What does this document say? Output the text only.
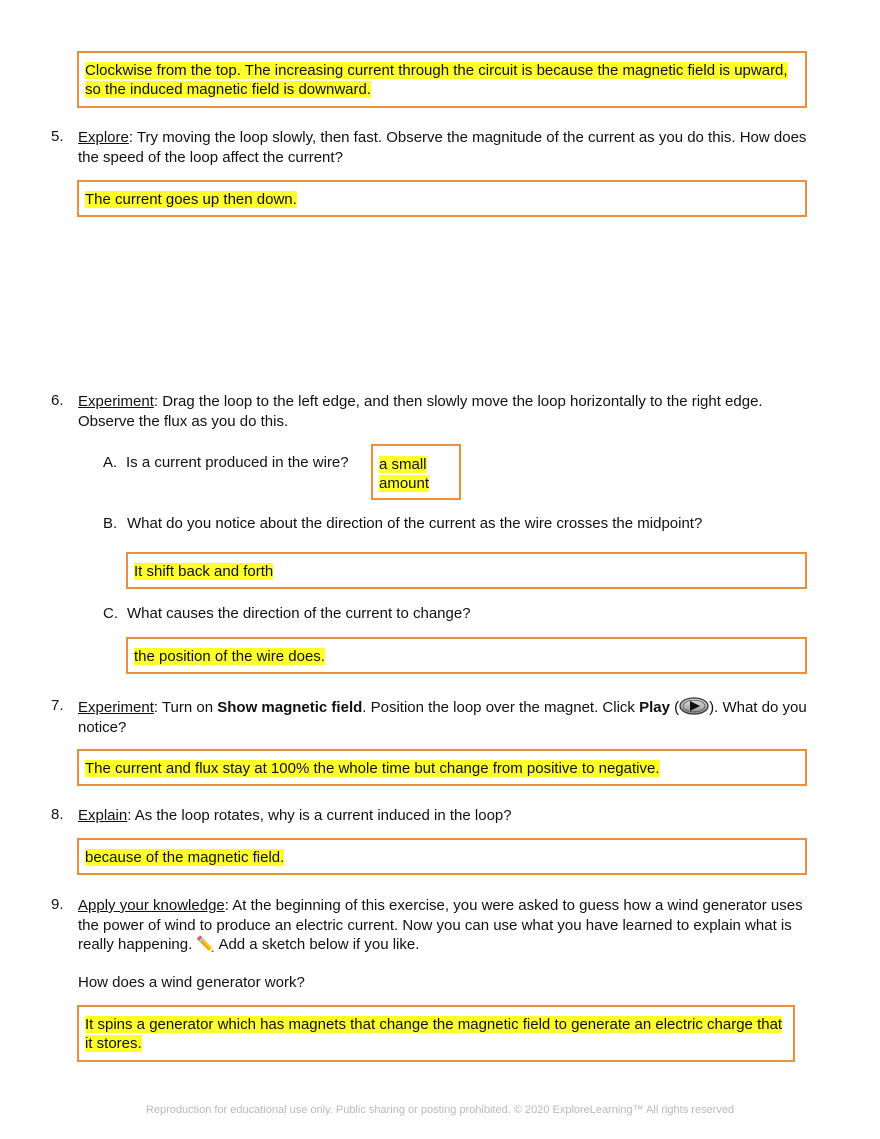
Clockwise from the top. The increasing current through the circuit is because the magnetic field is upward, so the induced magnetic field is downward.
5. Explore: Try moving the loop slowly, then fast. Observe the magnitude of the current as you do this. How does the speed of the loop affect the current?
The current goes up then down.
6. Experiment: Drag the loop to the left edge, and then slowly move the loop horizontally to the right edge. Observe the flux as you do this.
A. Is a current produced in the wire?	a small
amount
B. What do you notice about the direction of the current as the wire crosses the midpoint?
It shift back and forth
C. What causes the direction of the current to change?
the position of the wire does.
7. Experiment: Turn on Show magnetic field. Position the loop over the magnet. Click Play ( ). What do you notice?
The current and flux stay at 100% the whole time but change from positive to negative.
8. Explain: As the loop rotates, why is a current induced in the loop?
because of the magnetic field.
9. Apply your knowledge: At the beginning of this exercise, you were asked to guess how a wind generator uses the power of wind to produce an electric current. Now you can use what you have learned to explain what is really happening. ✏️ Add a sketch below if you like.
How does a wind generator work?
It spins a generator which has magnets that change the magnetic field to generate an electric charge that it stores.
Reproduction for educational use only. Public sharing or posting prohibited. © 2020 ExploreLearning™ All rights reserved
